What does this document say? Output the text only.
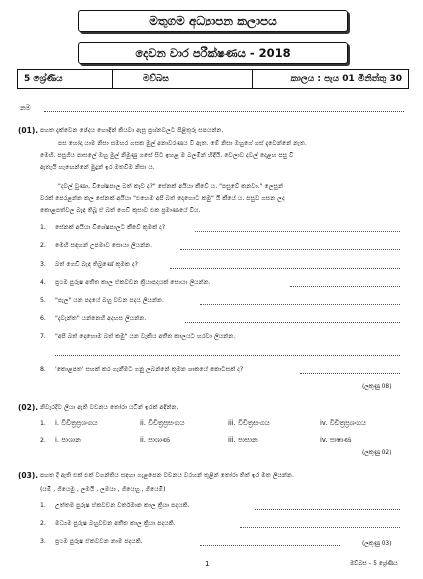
මතුගම අධ්‍යාපන කලාපය
දෙවන වාර පරීක්ෂණය - 2018
5 ශ්‍රේණිය	මව්බස	කාලය : පැය 01 මිනිත්තු 30
නම
(01). පහත දැක්වෙන ඡේදය හොඳින් කියවා ඇසූ ප්‍රශ්නවලට පිළිතුරු සපයන්න.
පස හෝදා යාම නිසා සමහර ගසක මුල් අනාවරණය වී ඇත. මේ නිසා ඔහුගේ ගස් දැවෙන්නේ නැත.
මෙහි. පසුගිය පාසලේ ඔහු මුල් නිමුණු ගසේ සිට ඉහළ ම බලමින් හිඳියි. වෙලාව දවල් දොළහ පසු වී
ඇතැයි හැඟෙන්නේ මුදුන් ඉර මතවීම නිසා ය.
"දවල් වුණා, විශේෂපාල බත් කෑව ද?" සේනක් අයියා කීවේ ය. "පසුවේ කනවා." ලෙසුන්
වරක් පෙරළන්න කල සේනක් අයියා "එහෙම අපි බත් දොහොට කමු" යි කීයේ ය. පසුව ගසන ලද
කොළපත්වල බැඳ තිබූ ඒ බත් ගෙඩි කුසාව එක ප්‍රමාණයේ විය.
1. සේනක් අයියා විශේෂපාලට කීවේ කුමක් ද?
2. මෙහි සඳහන් උපමාව සොයා ලියන්න.
3. බත් ගෙඩි බැඳ තිබුණේ කුමක ද?
4. ප්‍රථම පුරුෂ අතීත කාල ඒකවචන ක්‍රියාපදයක් සොයා ලියන්න.
5. "පැල" යන පදයේ බහු වචන පදය ලියන්න.
6. "දැවැන්ත" යන්නෙහි අදහස ලියන්න.
7. "අපි බත් දොහොම බත් කමු" යන වැකිය අතීත කාලයට හරවා ලියන්න.
8. 'කොළපත' සහක් කර ගැනීමට ගනු ලබන්නේ කුමන ශාකයේ කොටසක් ද?
(ලකුණු 08)
(02). නිවැරදිව ලියා ඇති වචනය තෝරා යටින් ඉරක් අඳින්න.
1. i. විචිත්‍රප්‍රශංගය	ii. විචිත්‍රප්‍රසංගය	iii. විචිත්‍රසංගය	iv. විචිත්‍රප්‍රශංගය
2. i. පාශාන	ii. පාශාණ	iii. පාසාන	iv. පාෂාණ
(ලකුණු 02)
(03). පහත දී ඇති එක් එක් වගන්තිය සඳහා ගැළපෙන වචනය වරහන් තුළින් තෝරා තිත් ඉර මත ලියන්න.
(යමි , ගියෙමු , ලමයි , ලමයා , ගියෙහු , ගියෙමි)
1. උත්තම පුරුෂ ඒකවචන වර්තමාන කාල ක්‍රියා පදයකි.
2. මධ්‍යම පුරුෂ බහුවචන අතීත කාල ක්‍රියා පදයකි.
3. ප්‍රථම පුරුෂ ඒකවචන නාම පදයකි.	(ලකුණු 03)
1	මව්බස – 5 ශ්‍රේණිය
